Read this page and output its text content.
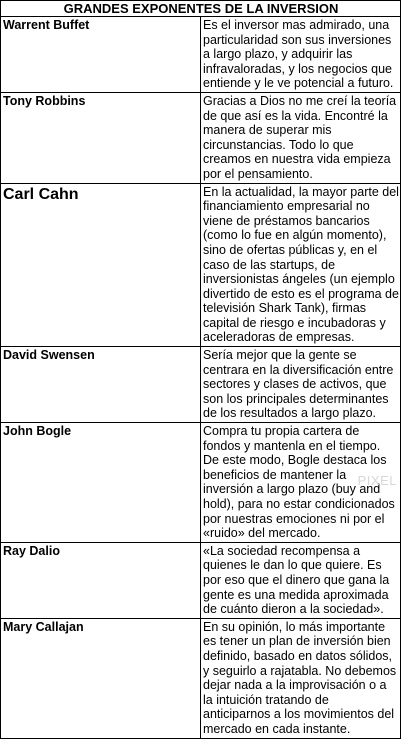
GRANDES EXPONENTES DE LA INVERSION	
Warrent Buffet	Es el inversor mas admirado, una particularidad son sus inversiones a largo plazo, y adquirir las infravaloradas, y los negocios que entiende y le ve potencial a futuro.
Tony Robbins	Gracias a Dios no me creí la teoría de que así es la vida. Encontré la manera de superar mis circunstancias. Todo lo que creamos en nuestra vida empieza por el pensamiento.
Carl Cahn	En la actualidad, la mayor parte del financiamiento empresarial no viene de préstamos bancarios (como lo fue en algún momento), sino de ofertas públicas y, en el caso de las startups, de inversionistas ángeles (un ejemplo divertido de esto es el programa de televisión Shark Tank), firmas capital de riesgo e incubadoras y aceleradoras de empresas.
David Swensen	Sería mejor que la gente se centrara en la diversificación entre sectores y clases de activos, que son los principales determinantes de los resultados a largo plazo.
John Bogle	Compra tu propia cartera de fondos y mantenla en el tiempo. De este modo, Bogle destaca los beneficios de mantener la inversión a largo plazo (buy and hold), para no estar condicionados por nuestras emociones ni por el «ruido» del mercado.
Ray Dalio	«La sociedad recompensa a quienes le dan lo que quiere. Es por eso que el dinero que gana la gente es una medida aproximada de cuánto dieron a la sociedad».
Mary Callajan	En su opinión, lo más importante es tener un plan de inversión bien definido, basado en datos sólidos, y seguirlo a rajatabla. No debemos dejar nada a la improvisación o a la intuición tratando de anticiparnos a los movimientos del mercado en cada instante.
PIXEL
